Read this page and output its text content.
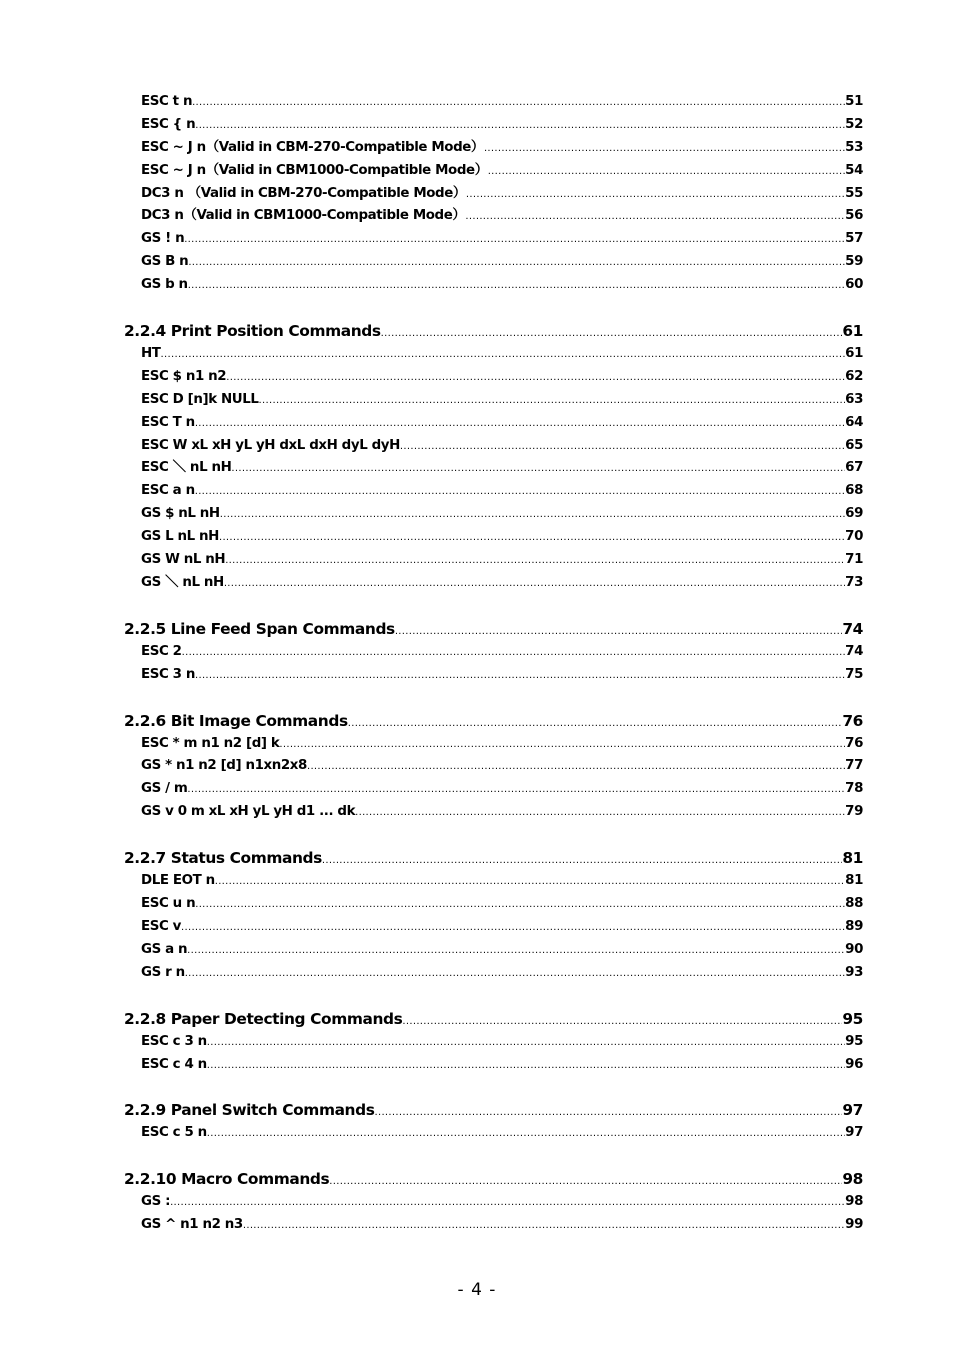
ESC t n .....	51
ESC { n .....	52
ESC ~ J n（Valid in CBM-270-Compatible Mode） .....	53
ESC ~ J n（Valid in CBM1000-Compatible Mode） .....	54
DC3 n （Valid in CBM-270-Compatible Mode） .....	55
DC3 n（Valid in CBM1000-Compatible Mode） .....	56
GS ! n .....	57
GS B n .....	59
GS b n .....	60
2.2.4 Print Position Commands .....	61
HT .....	61
ESC $ n1 n2 .....	62
ESC D [n]k NULL .....	63
ESC T n .....	64
ESC W xL xH yL yH dxL dxH dyL dyH .....	65
ESC ＼ nL nH .....	67
ESC a n .....	68
GS $ nL nH .....	69
GS L nL nH .....	70
GS W nL nH .....	71
GS ＼ nL nH .....	73
2.2.5 Line Feed Span Commands .....	74
ESC 2 .....	74
ESC 3 n .....	75
2.2.6 Bit Image Commands .....	76
ESC * m n1 n2 [d] k .....	76
GS * n1 n2 [d] n1xn2x8 .....	77
GS / m .....	78
GS v 0 m xL xH yL yH d1 ... dk .....	79
2.2.7 Status Commands .....	81
DLE EOT n .....	81
ESC u n .....	88
ESC v .....	89
GS a n .....	90
GS r n .....	93
2.2.8 Paper Detecting Commands .....	95
ESC c 3 n .....	95
ESC c 4 n .....	96
2.2.9 Panel Switch Commands .....	97
ESC c 5 n .....	97
2.2.10 Macro Commands .....	98
GS : .....	98
GS ^ n1 n2 n3 .....	99
- 4 -
